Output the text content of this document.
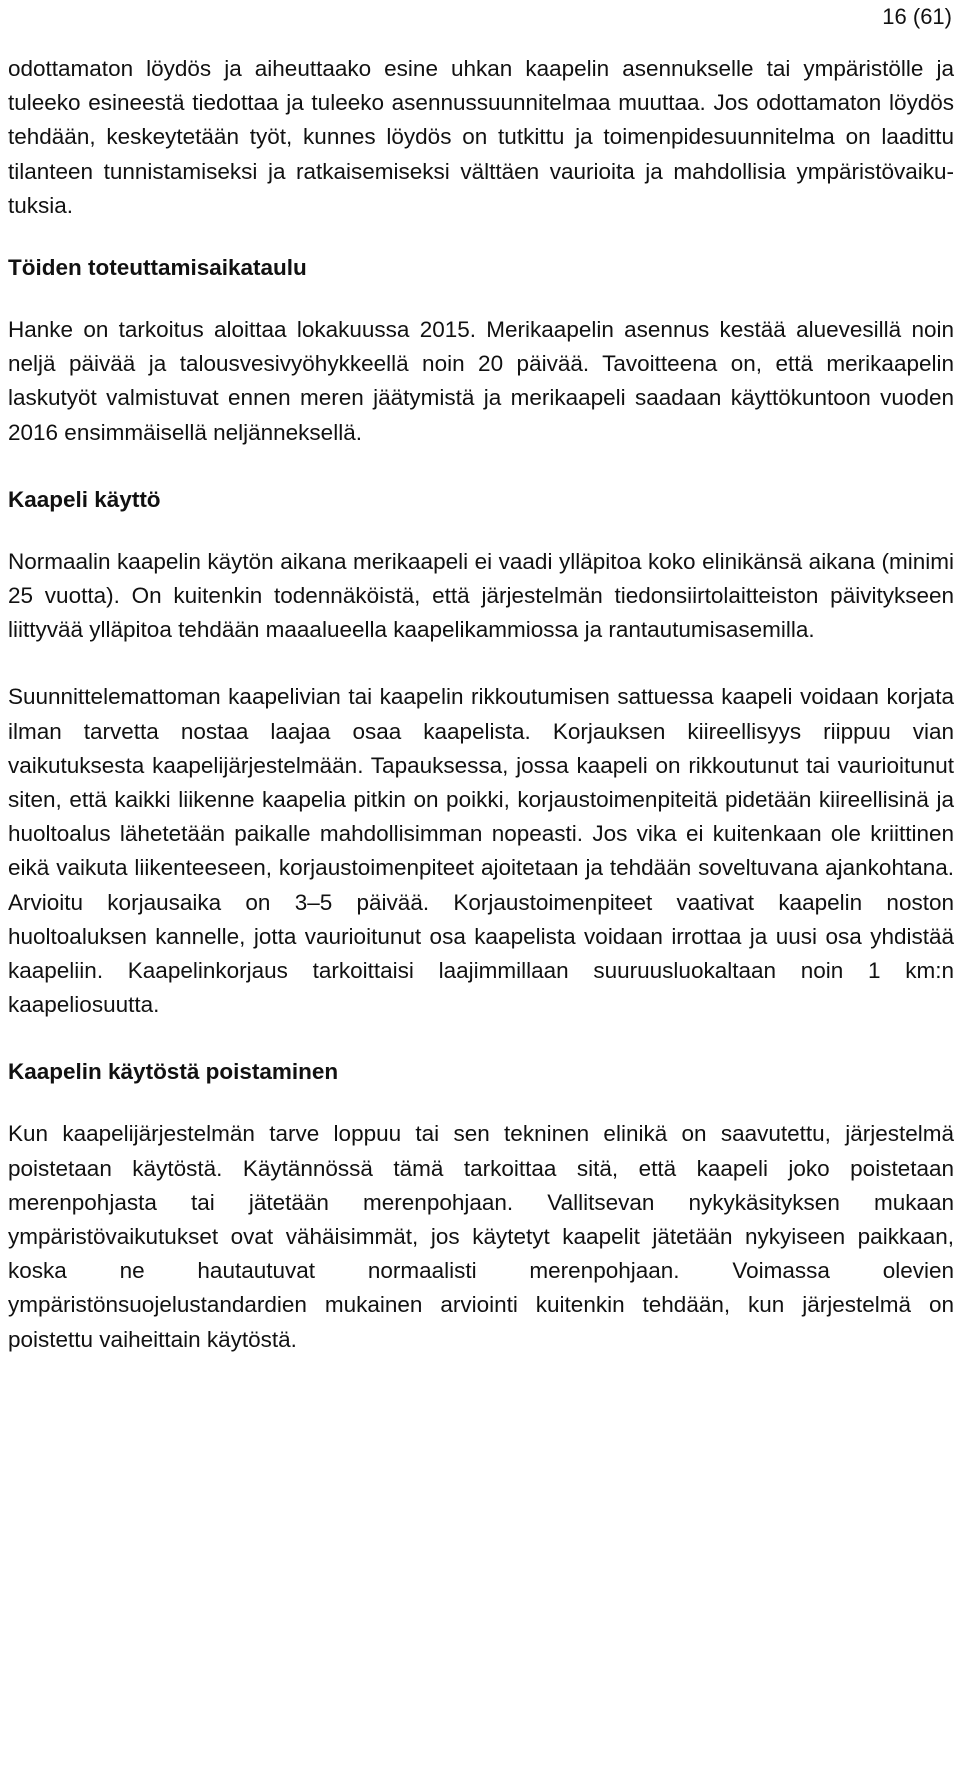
16 (61)

odottamaton löydös ja aiheuttaako esine uhkan kaapelin asennukselle tai ympäristölle ja tuleeko esineestä tiedottaa ja tuleeko asennussuunnitelmaa muuttaa. Jos odottamaton löydös tehdään, keskeytetään työt, kunnes löydös on tutkittu ja toimenpidesuunnitelma on laadittu tilanteen tunnistamiseksi ja ratkaisemiseksi välttäen vaurioita ja mahdollisia ympäristövaikutuksia.

Töiden toteuttamisaikataulu

Hanke on tarkoitus aloittaa lokakuussa 2015. Merikaapelin asennus kestää aluevesillä noin neljä päivää ja talousvesivyöhykkeellä noin 20 päivää. Tavoitteena on, että merikaapelin laskutyöt valmistuvat ennen meren jäätymistä ja merikaapeli saadaan käyttökuntoon vuoden 2016 ensimmäisellä neljänneksellä.

Kaapeli käyttö

Normaalin kaapelin käytön aikana merikaapeli ei vaadi ylläpitoa koko elinikänsä aikana (minimi 25 vuotta). On kuitenkin todennäköistä, että järjestelmän tiedonsiirtolaitteiston päivitykseen liittyvää ylläpitoa tehdään maaalueella kaapelikammiossa ja rantautumisasemilla.

Suunnittelemattoman kaapelivian tai kaapelin rikkoutumisen sattuessa kaapeli voidaan korjata ilman tarvetta nostaa laajaa osaa kaapelista. Korjauksen kiireellisyys riippuu vian vaikutuksesta kaapelijärjestelmään. Tapauksessa, jossa kaapeli on rikkoutunut tai vaurioitunut siten, että kaikki liikenne kaapelia pitkin on poikki, korjaustoimenpiteitä pidetään kiireellisinä ja huoltoalus lähetetään paikalle mahdollisimman nopeasti. Jos vika ei kuitenkaan ole kriittinen eikä vaikuta liikenteeseen, korjaustoimenpiteet ajoitetaan ja tehdään soveltuvana ajankohtana. Arvioitu korjausaika on 3–5 päivää. Korjaustoimenpiteet vaativat kaapelin noston huoltoaluksen kannelle, jotta vaurioitunut osa kaapelista voidaan irrottaa ja uusi osa yhdistää kaapeliin. Kaapelinkorjaus tarkoittaisi laajimmillaan suuruusluokaltaan noin 1 km:n kaapeliosuutta.

Kaapelin käytöstä poistaminen

Kun kaapelijärjestelmän tarve loppuu tai sen tekninen elinikä on saavutettu, järjestelmä poistetaan käytöstä. Käytännössä tämä tarkoittaa sitä, että kaapeli joko poistetaan merenpohjasta tai jätetään merenpohjaan. Vallitsevan nykykäsityksen mukaan ympäristövaikutukset ovat vähäisimmät, jos käytetyt kaapelit jätetään nykyiseen paikkaan, koska ne hautautuvat normaalisti merenpohjaan. Voimassa olevien ympäristönsuojelustandardien mukainen arviointi kuitenkin tehdään, kun järjestelmä on poistettu vaiheittain käytöstä.
